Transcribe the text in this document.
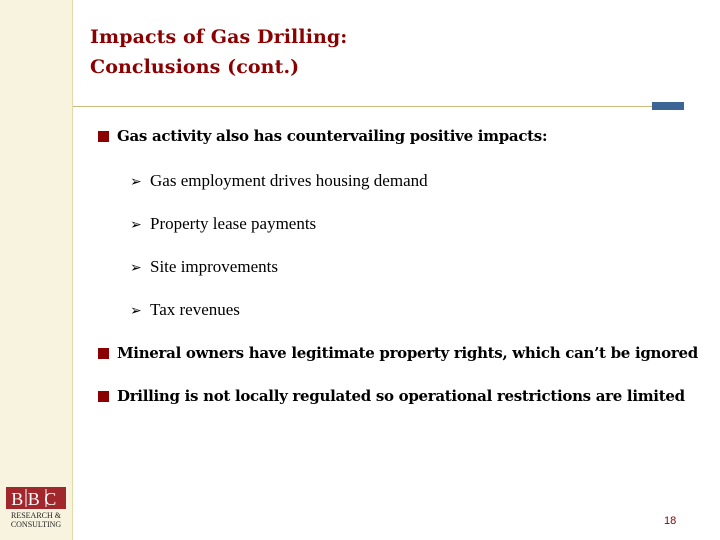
Impacts of Gas Drilling:
Conclusions (cont.)
Gas activity also has countervailing positive impacts:
➢ Gas employment drives housing demand
➢ Property lease payments
➢ Site improvements
➢ Tax revenues
Mineral owners have legitimate property rights, which can’t be ignored
Drilling is not locally regulated so operational restrictions are limited
BBC
RESEARCH &
CONSULTING	18
